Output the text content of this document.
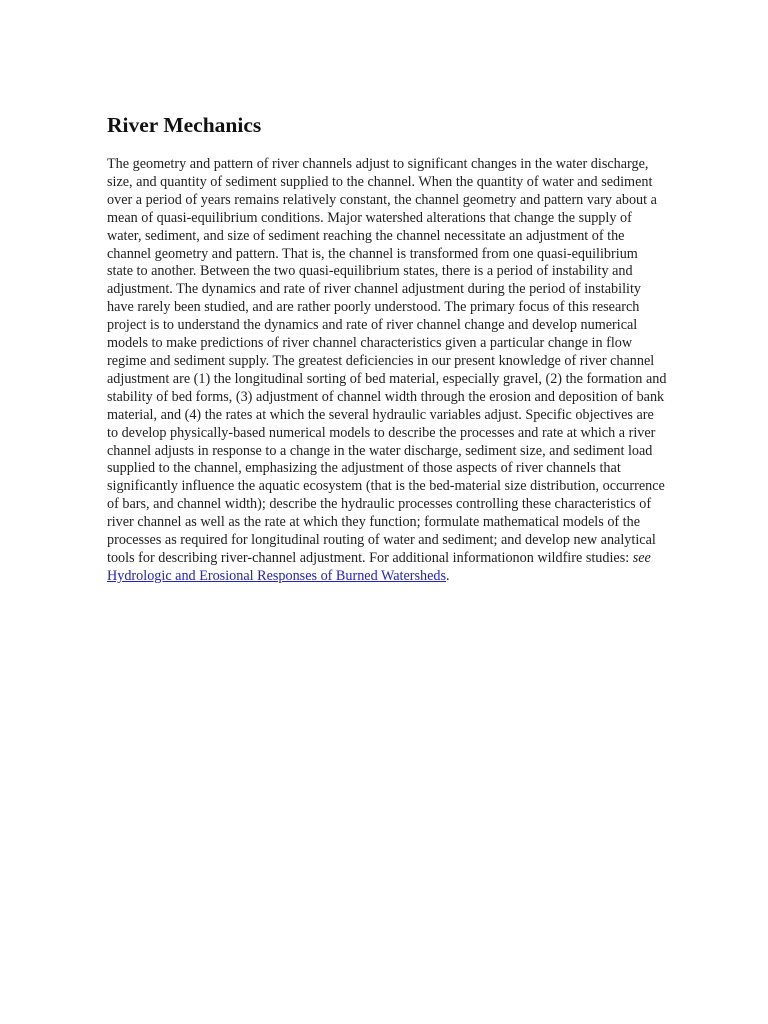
River Mechanics

The geometry and pattern of river channels adjust to significant changes in the water discharge, size, and quantity of sediment supplied to the channel. When the quantity of water and sediment over a period of years remains relatively constant, the channel geometry and pattern vary about a mean of quasi-equilibrium conditions. Major watershed alterations that change the supply of water, sediment, and size of sediment reaching the channel necessitate an adjustment of the channel geometry and pattern. That is, the channel is transformed from one quasi-equilibrium state to another. Between the two quasi-equilibrium states, there is a period of instability and adjustment. The dynamics and rate of river channel adjustment during the period of instability have rarely been studied, and are rather poorly understood. The primary focus of this research project is to understand the dynamics and rate of river channel change and develop numerical models to make predictions of river channel characteristics given a particular change in flow regime and sediment supply. The greatest deficiencies in our present knowledge of river channel adjustment are (1) the longitudinal sorting of bed material, especially gravel, (2) the formation and stability of bed forms, (3) adjustment of channel width through the erosion and deposition of bank material, and (4) the rates at which the several hydraulic variables adjust. Specific objectives are to develop physically-based numerical models to describe the processes and rate at which a river channel adjusts in response to a change in the water discharge, sediment size, and sediment load supplied to the channel, emphasizing the adjustment of those aspects of river channels that significantly influence the aquatic ecosystem (that is the bed-material size distribution, occurrence of bars, and channel width); describe the hydraulic processes controlling these characteristics of river channel as well as the rate at which they function; formulate mathematical models of the processes as required for longitudinal routing of water and sediment; and develop new analytical tools for describing river-channel adjustment. For additional informationon wildfire studies: see Hydrologic and Erosional Responses of Burned Watersheds.
